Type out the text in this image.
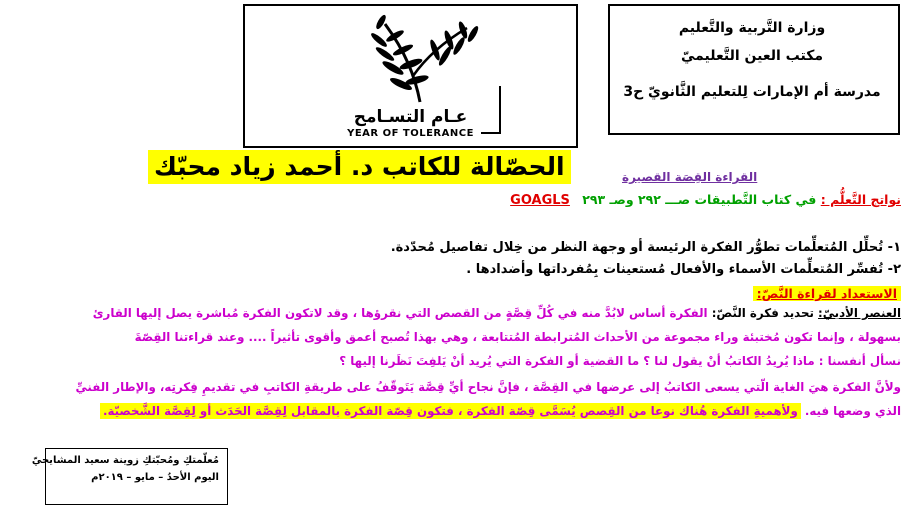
وزارة التَّربية والتَّعليم
مكتب العين التَّعليميّ
مدرسة أم الإمارات لِلتعليم الثَّانويّ ح3
عـام التسـامح
YEAR OF TOLERANCE
الحصّالة للكاتب د. أحمد زياد محبّك	القراءة القِصَة القصيرة
نواتج التَّعلُّم : في كتاب التَّطبيقات صـــ ٢٩٢ وصـ ٢٩٣ GOAGLS
١- تُحلِّل المُتعلِّمات تطوُّر الفكرة الرئيسة أو وجهة النظر من خِلال تفاصيل مُحدّدة.
٢- تُفسِّر المُتعلِّمات الأسماء والأفعال مُستعينات بِمُفرداتها وأضدادها .
الاستعداد لقراءة النَّصّ:
العنصر الأدبيّ: تحديد فكرة النَّصّ: الفكرة أساس لابُدَّ منه في كُلِّ قِصَّةٍ من القصص التي نقرؤها ، وقد لاتكون الفكرة مُباشرة يصل إليها القارئ
بسهولة ، وإنما تكون مُختبئة وراء مجموعة من الأحداث المُترابطة المُتتابعة ، وهي بهذا تُصبح أعمق وأقوى تأثيراً .... وعند قراءتنا القِصّةَ
نسأل أنفسنا : ماذا يُريدُ الكاتبُ أنْ يقول لنا ؟ ما القضية أو الفكرة التي يُريد أنْ يَلفِتَ نَظَرنا إليها ؟
ولأنَّ الفكرة هيَ الغاية الّتي يسعى الكاتبُ إلى عرضها في القِصَّة ، فإنَّ نجاح أيِّ قِصَّة يَتَوقّفُ على طريقةِ الكاتبِ في تقديمِ فِكرتِه، والإطار الفنيِّ
الذي وضعها فيه. ولأهميةِ الفكرة هُناك نوعا من القِصص يُسَمَّى قِصّة الفكرة ، فتكون قِصّة الفكرة بالمقابل لِقِصَّة الحَدَث أو لِقِصَّة الشَّخصيّة.
مُعلّمتكِ ومُحبّتكِ زوينة سعيد المشايخيّ
اليوم الأحدُ – مايو – ٢٠١٩م
